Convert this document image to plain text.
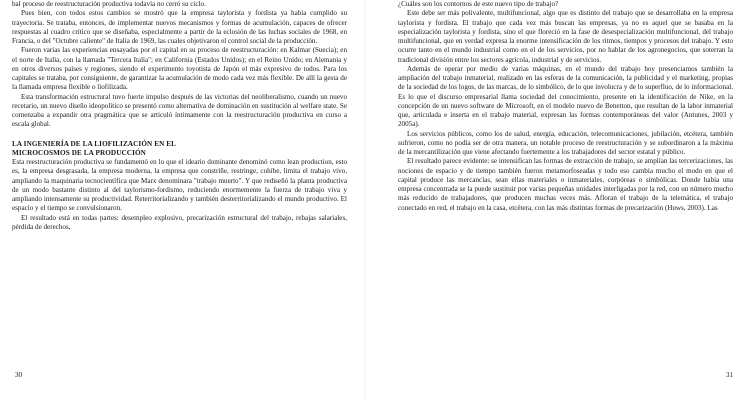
bal proceso de reestructuración productiva todavía no cerró su ciclo.

Pues bien, con todos estos cambios se mostró que la empresa taylorista y fordista ya había cumplido su trayectoria. Se trataba, entonces, de implementar nuevos mecanismos y formas de acumulación, capaces de ofrecer respuestas al cuadro crítico que se diseñaba, especialmente a partir de la eclosión de las luchas sociales de 1968, en Francia, o del "Octubre caliente" de Italia de 1969, las cuales objetivaron el control social de la producción.

Fueron varias las experiencias ensayadas por el capital en su proceso de reestructuración: en Kalmar (Suecia); en el norte de Italia, con la llamada "Tercera Italia"; en California (Estados Unidos); en el Reino Unido; en Alemania y en otros diversos países y regiones, siendo el experimento toyotista de Japón el más expresivo de todos. Para los capitales se trataba, por consiguiente, de garantizar la acumulación de modo cada vez más flexible. De allí la gesta de la llamada empresa flexible o liofilizada.

Esta transformación estructural tuvo fuerte impulso después de las victorias del neoliberalismo, cuando un nuevo recetario, un nuevo diseño ideopolítico se presentó como alternativa de dominación en sustitución al welfare state. Se comenzaba a expandir otra pragmática que se articuló íntimamente con la reestructuración productiva en curso a escala global.

LA INGENIERÍA DE LA LIOFILIZACIÓN EN EL
MICROCOSMOS DE LA PRODUCCIÓN

Esta reestructuración productiva se fundamentó en lo que el ideario dominante denominó como lean production, esto es, la empresa desgrasada, la empresa moderna, la empresa que constriñe, restringe, cohíbe, limita el trabajo vivo, ampliando la maquinaria tecnocientífica que Marx denominara "trabajo muerto". Y que rediseñó la planta productiva de un modo bastante distinto al del taylorismo-fordismo, reduciendo enormemente la fuerza de trabajo viva y ampliando intensamente su productividad. Reterritorializando y también desterritorializando el mundo productivo. El espacio y el tiempo se convulsionaron.

El resultado está en todas partes: desempleo explosivo, precarización estructural del trabajo, rebajas salariales, pérdida de derechos,

30

¿Cuáles son los contornos de este nuevo tipo de trabajo?

Este debe ser más polivalente, multifuncional, algo que es distinto del trabajo que se desarrollaba en la empresa taylorista y fordista. El trabajo que cada vez más buscan las empresas, ya no es aquel que se basaba en la especialización taylorista y fordista, sino el que floreció en la fase de desespecialización multifuncional, del trabajo multifuncional, que en verdad expresa la enorme intensificación de los ritmos, tiempos y procesos del trabajo. Y esto ocurre tanto en el mundo industrial como en el de los servicios, por no hablar de los agronegocios, que soterran la tradicional división entre los sectores agrícola, industrial y de servicios.

Además de operar por medio de varias máquinas, en el mundo del trabajo hoy presenciamos también la ampliación del trabajo inmaterial, realizado en las esferas de la comunicación, la publicidad y el marketing, propias de la sociedad de los logos, de las marcas, de lo simbólico, de lo que involucra y de lo superfluo, de lo informacional. Es lo que el discurso empresarial llama sociedad del conocimiento, presente en la identificación de Nike, en la concepción de un nuevo software de Microsoft, en el modelo nuevo de Benetton, que resultan de la labor inmaterial que, articulada e inserta en el trabajo material, expresan las formas contemporáneas del valor (Antunes, 2003 y 2005a).

Los servicios públicos, como los de salud, energía, educación, telecomunicaciones, jubilación, etcétera, también sufrieron, como no podía ser de otra manera, un notable proceso de reestructuración y se subordinaron a la máxima de la mercantilización que viene afectando fuertemente a los trabajadores del sector estatal y público.

El resultado parece evidente: se intensifican las formas de extracción de trabajo, se amplían las tercerizaciones, las nociones de espacio y de tiempo también fueron metamorfoseadas y todo eso cambia mucho el modo en que el capital produce las mercancías, sean ellas materiales o inmateriales, corpóreas o simbólicas. Donde había una empresa concentrada se la puede sustituir por varias pequeñas unidades interligadas por la red, con un número mucho más reducido de trabajadores, que producen muchas veces más. Afloran el trabajo de la telemática, el trabajo conectado en red, el trabajo en la casa, etcétera, con las más distintas formas de precarización (Huws, 2003). Las

31
